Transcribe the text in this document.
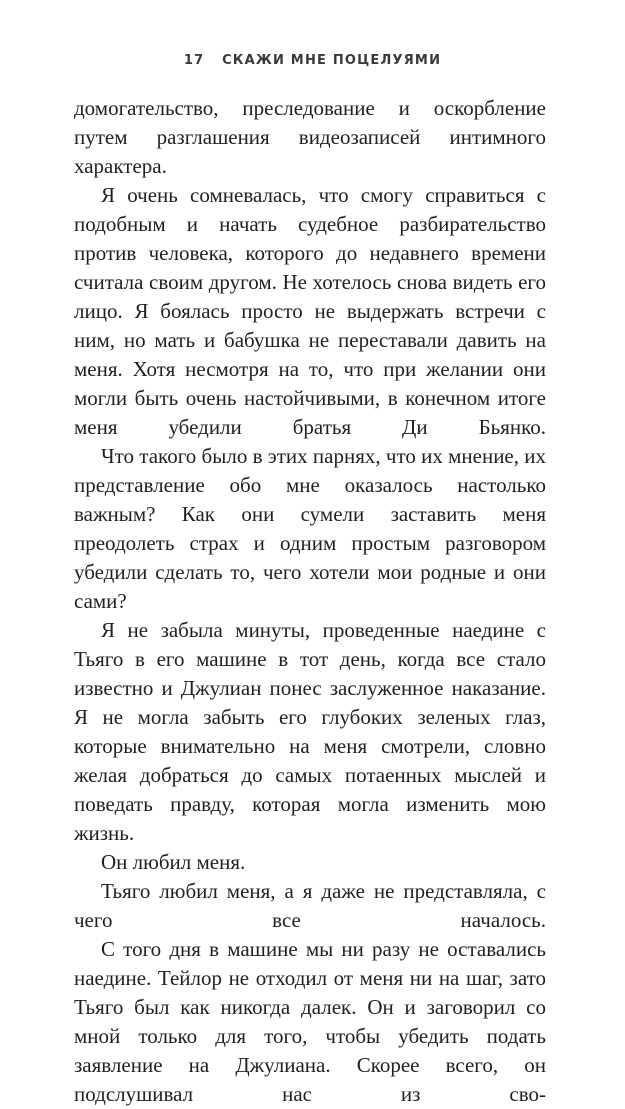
17 СКАЖИ МНЕ ПОЦЕЛУЯМИ

домогательство, преследование и оскорбление путем разглашения видеозаписей интимного характера.

Я очень сомневалась, что смогу справиться с подобным и начать судебное разбирательство против человека, которого до недавнего времени считала своим другом. Не хотелось снова видеть его лицо. Я боялась просто не выдержать встречи с ним, но мать и бабушка не переставали давить на меня. Хотя несмотря на то, что при желании они могли быть очень настойчивыми, в конечном итоге меня убедили братья Ди Бьянко.

Что такого было в этих парнях, что их мнение, их представление обо мне оказалось настолько важным? Как они сумели заставить меня преодолеть страх и одним простым разговором убедили сделать то, чего хотели мои родные и они сами?

Я не забыла минуты, проведенные наедине с Тьяго в его машине в тот день, когда все стало известно и Джулиан понес заслуженное наказание. Я не могла забыть его глубоких зеленых глаз, которые внимательно на меня смотрели, словно желая добраться до самых потаенных мыслей и поведать правду, которая могла изменить мою жизнь.

Он любил меня.

Тьяго любил меня, а я даже не представляла, с чего все началось.

С того дня в машине мы ни разу не оставались наедине. Тейлор не отходил от меня ни на шаг, зато Тьяго был как никогда далек. Он и заговорил со мной только для того, чтобы убедить подать заявление на Джулиана. Скорее всего, он подслушивал нас из сво-
